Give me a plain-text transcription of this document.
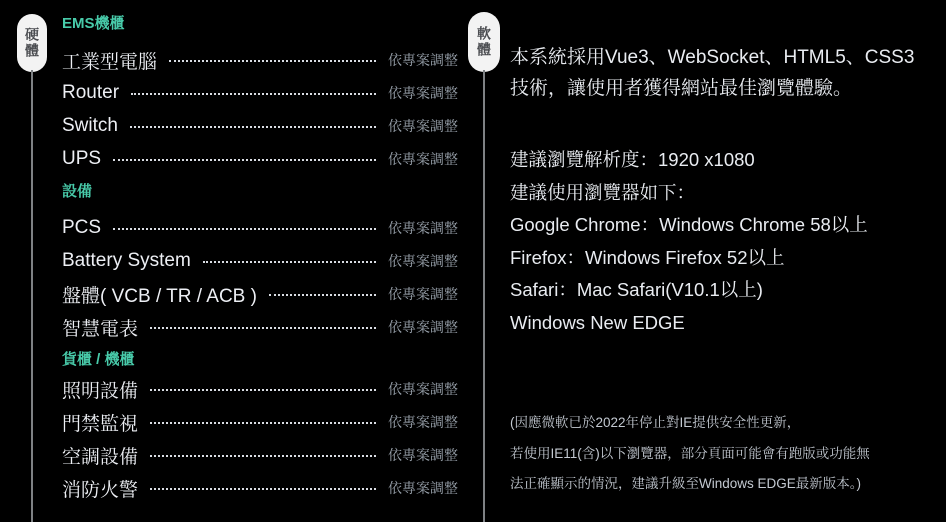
硬體	軟體
EMS機櫃
工業型電腦	依專案調整
Router	依專案調整
Switch	依專案調整
UPS	依專案調整
設備
PCS	依專案調整
Battery System	依專案調整
盤體( VCB / TR / ACB )	依專案調整
智慧電表	依專案調整
貨櫃 / 機櫃
照明設備	依專案調整
門禁監視	依專案調整
空調設備	依專案調整
消防火警	依專案調整
本系統採用Vue3、WebSocket、HTML5、CSS3
技術，讓使用者獲得網站最佳瀏覽體驗。
建議瀏覽解析度：1920 x1080
建議使用瀏覽器如下：
Google Chrome：Windows Chrome 58以上
Firefox：Windows Firefox 52以上
Safari：Mac Safari(V10.1以上)
Windows New EDGE
(因應微軟已於2022年停止對IE提供安全性更新，
若使用IE11(含)以下瀏覽器，部分頁面可能會有跑版或功能無
法正確顯示的情況，建議升級至Windows EDGE最新版本。)
